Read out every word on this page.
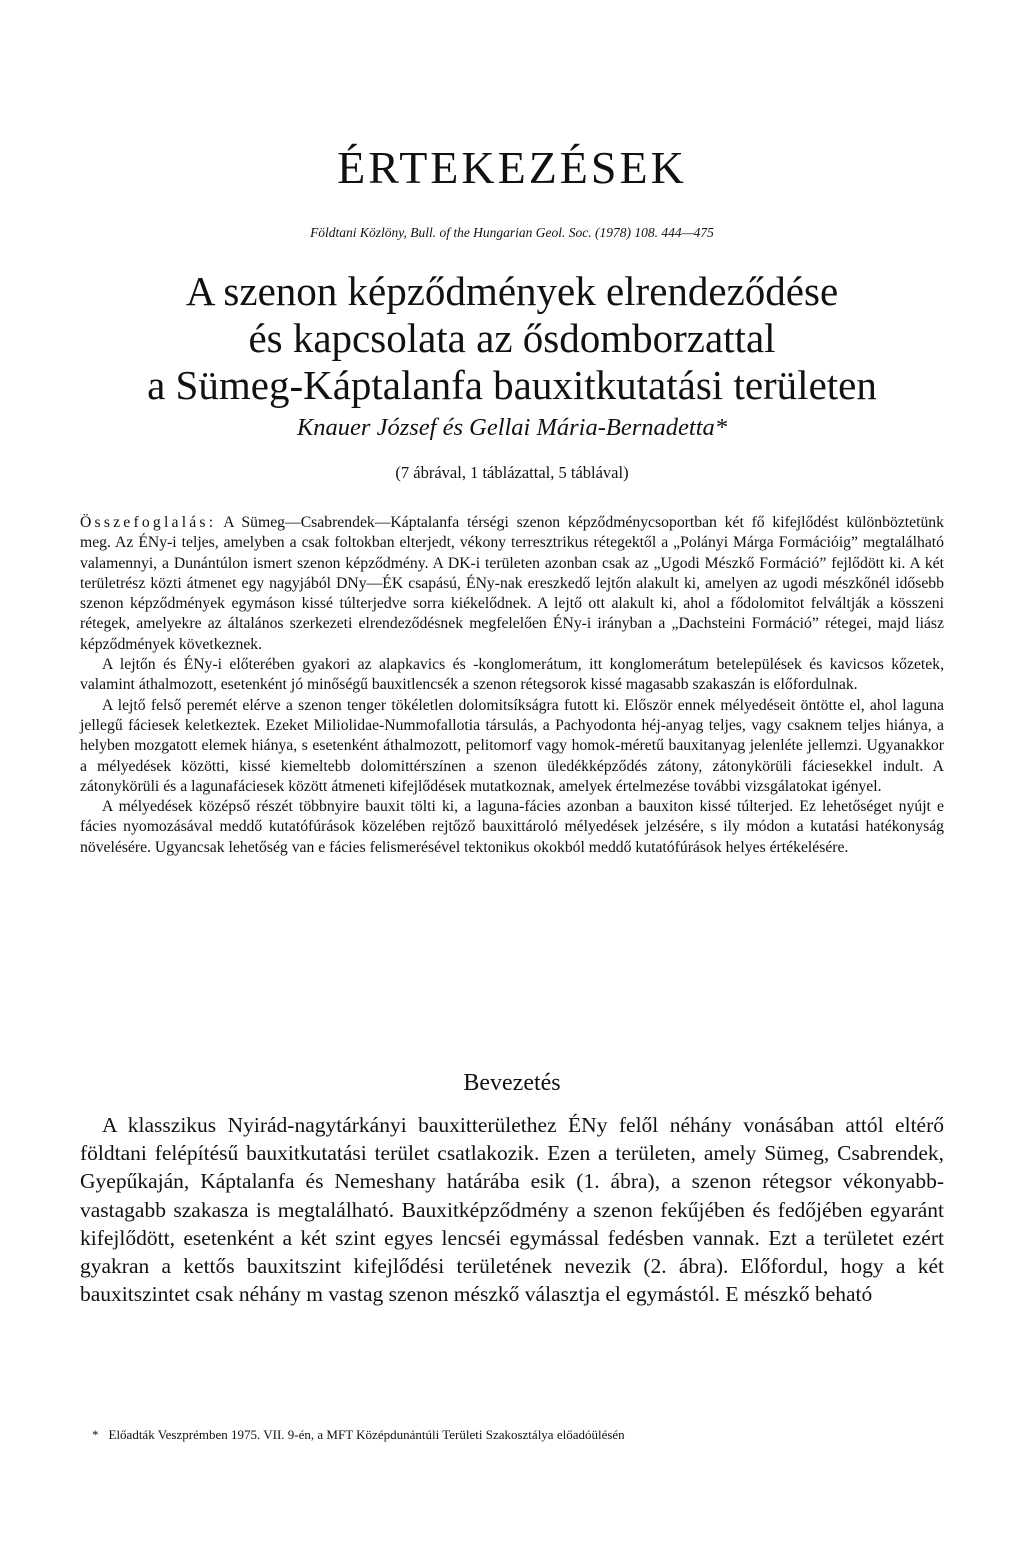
ÉRTEKEZÉSEK
Földtani Közlöny, Bull. of the Hungarian Geol. Soc. (1978) 108. 444—475
A szenon képződmények elrendeződése
és kapcsolata az ősdomborzattal
a Sümeg-Káptalanfa bauxitkutatási területen
Knauer József és Gellai Mária-Bernadetta*
(7 ábrával, 1 táblázattal, 5 táblával)

Összefoglalás: A Sümeg—Csabrendek—Káptalanfa térségi szenon képződménycsoportban két fő kifejlődést különböztetünk meg. Az ÉNy-i teljes, amelyben a csak foltokban elterjedt, vékony terresztrikus rétegektől a „Polányi Márga Formációig” megtalálható valamennyi, a Dunántúlon ismert szenon képződmény. A DK-i területen azonban csak az „Ugodi Mészkő Formáció” fejlődött ki. A két területrész közti átmenet egy nagyjából DNy—ÉK csapású, ÉNy-nak ereszkedő lejtőn alakult ki, amelyen az ugodi mészkőnél idősebb szenon képződmények egymáson kissé túlterjedve sorra kiékelődnek. A lejtő ott alakult ki, ahol a fődolomitot felváltják a kösszeni rétegek, amelyekre az általános szerkezeti elrendeződésnek megfelelően ÉNy-i irányban a „Dachsteini Formáció” rétegei, majd liász képződmények következnek.

A lejtőn és ÉNy-i előterében gyakori az alapkavics és -konglomerátum, itt konglomerátum betelepülések és kavicsos kőzetek, valamint áthalmozott, esetenként jó minőségű bauxitlencsék a szenon rétegsorok kissé magasabb szakaszán is előfordulnak.

A lejtő felső peremét elérve a szenon tenger tökéletlen dolomitsíkságra futott ki. Először ennek mélyedéseit öntötte el, ahol laguna jellegű fáciesek keletkeztek. Ezeket Miliolidae-Nummofallotia társulás, a Pachyodonta héj-anyag teljes, vagy csaknem teljes hiánya, a helyben mozgatott elemek hiánya, s esetenként áthalmozott, pelitomorf vagy homok-méretű bauxitanyag jelenléte jellemzi. Ugyanakkor a mélyedések közötti, kissé kiemeltebb dolomittérszínen a szenon üledékképződés zátony, zátonykörüli fáciesekkel indult. A zátonykörüli és a lagunafáciesek között átmeneti kifejlődések mutatkoznak, amelyek értelmezése további vizsgálatokat igényel.

A mélyedések középső részét többnyire bauxit tölti ki, a laguna-fácies azonban a bauxiton kissé túlterjed. Ez lehetőséget nyújt e fácies nyomozásával meddő kutatófúrások közelében rejtőző bauxittároló mélyedések jelzésére, s ily módon a kutatási hatékonyság növelésére. Ugyancsak lehetőség van e fácies felismerésével tektonikus okokból meddő kutatófúrások helyes értékelésére.

Bevezetés

A klasszikus Nyirád-nagytárkányi bauxitterülethez ÉNy felől néhány vonásában attól eltérő földtani felépítésű bauxitkutatási terület csatlakozik. Ezen a területen, amely Sümeg, Csabrendek, Gyepűkaján, Káptalanfa és Nemeshany határába esik (1. ábra), a szenon rétegsor vékonyabb-vastagabb szakasza is megtalálható. Bauxitképződmény a szenon fekűjében és fedőjében egyaránt kifejlődött, esetenként a két szint egyes lencséi egymással fedésben vannak. Ezt a területet ezért gyakran a kettős bauxitszint kifejlődési területének nevezik (2. ábra). Előfordul, hogy a két bauxitszintet csak néhány m vastag szenon mészkő választja el egymástól. E mészkő beható

* Előadták Veszprémben 1975. VII. 9-én, a MFT Középdunántúli Területi Szakosztálya előadóülésén
